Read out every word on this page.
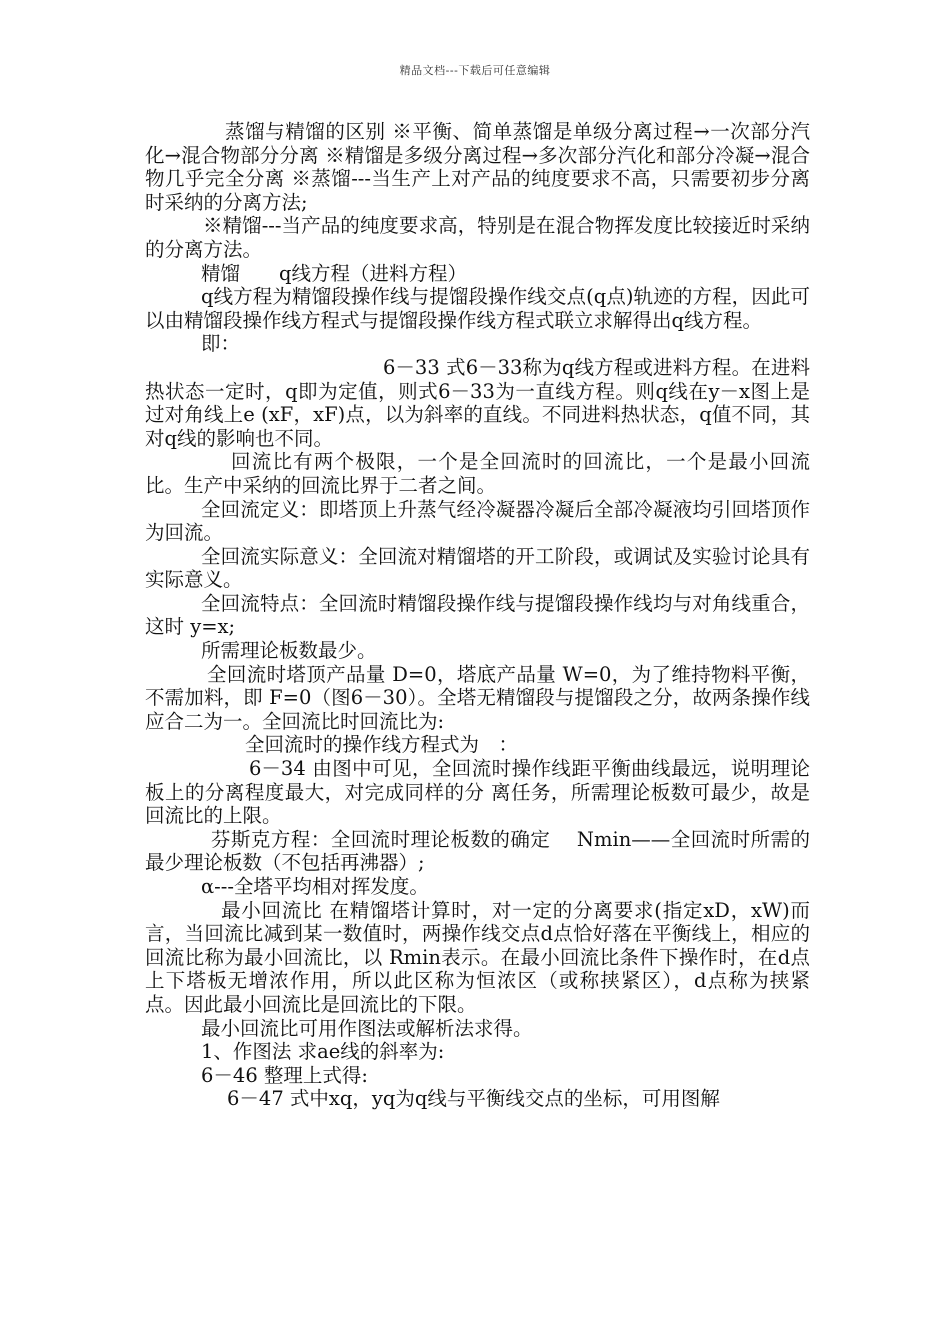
精品文档---下载后可任意编辑

蒸馏与精馏的区别 ※平衡、简单蒸馏是单级分离过程→一次部分汽化→混合物部分分离 ※精馏是多级分离过程→多次部分汽化和部分冷凝→混合物几乎完全分离 ※蒸馏---当生产上对产品的纯度要求不高，只需要初步分离时采纳的分离方法;

※精馏---当产品的纯度要求高，特别是在混合物挥发度比较接近时采纳的分离方法。

精馏　　q线方程（进料方程）

q线方程为精馏段操作线与提馏段操作线交点(q点)轨迹的方程，因此可以由精馏段操作线方程式与提馏段操作线方程式联立求解得出q线方程。

即：

6－33 式6－33称为q线方程或进料方程。在进料热状态一定时，q即为定值，则式6－33为一直线方程。则q线在y－x图上是过对角线上e (xF，xF)点，以为斜率的直线。不同进料热状态，q值不同，其对q线的影响也不同。

回流比有两个极限，一个是全回流时的回流比，一个是最小回流比。生产中采纳的回流比界于二者之间。

全回流定义：即塔顶上升蒸气经冷凝器冷凝后全部冷凝液均引回塔顶作为回流。

全回流实际意义：全回流对精馏塔的开工阶段，或调试及实验讨论具有实际意义。

全回流特点：全回流时精馏段操作线与提馏段操作线均与对角线重合，这时 y=x;

所需理论板数最少。

全回流时塔顶产品量 D=0，塔底产品量 W=0，为了维持物料平衡，不需加料，即 F=0（图6－30）。全塔无精馏段与提馏段之分，故两条操作线应合二为一。全回流比时回流比为:

全回流时的操作线方程式为　：

6－34 由图中可见，全回流时操作线距平衡曲线最远，说明理论板上的分离程度最大，对完成同样的分 离任务，所需理论板数可最少，故是回流比的上限。

芬斯克方程：全回流时理论板数的确定　 Nmin——全回流时所需的最少理论板数（不包括再沸器）;

α---全塔平均相对挥发度。

最小回流比 在精馏塔计算时，对一定的分离要求(指定xD，xW)而言，当回流比减到某一数值时，两操作线交点d点恰好落在平衡线上，相应的回流比称为最小回流比，以 Rmin表示。在最小回流比条件下操作时，在d点上下塔板无增浓作用，所以此区称为恒浓区（或称挟紧区），d点称为挟紧点。因此最小回流比是回流比的下限。

最小回流比可用作图法或解析法求得。

1、作图法 求ae线的斜率为:

6－46 整理上式得:

6－47 式中xq，yq为q线与平衡线交点的坐标，可用图解
